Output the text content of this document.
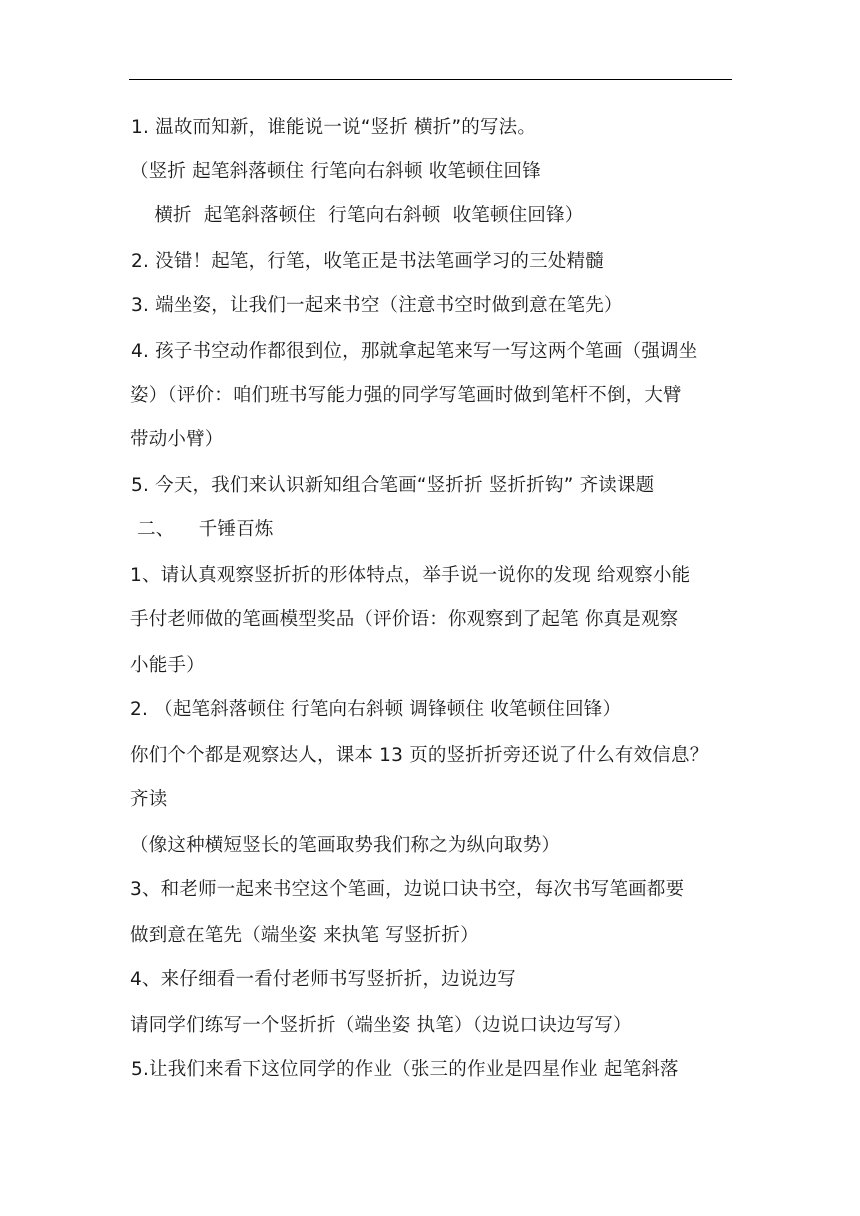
1. 温故而知新，谁能说一说“竖折 横折”的写法。
（竖折 起笔斜落顿住 行笔向右斜顿 收笔顿住回锋
横折  起笔斜落顿住  行笔向右斜顿  收笔顿住回锋）
2. 没错！起笔，行笔，收笔正是书法笔画学习的三处精髓
3. 端坐姿，让我们一起来书空（注意书空时做到意在笔先）
4. 孩子书空动作都很到位，那就拿起笔来写一写这两个笔画（强调坐
姿）（评价：咱们班书写能力强的同学写笔画时做到笔杆不倒，大臂
带动小臂）
5. 今天，我们来认识新知组合笔画“竖折折 竖折折钩” 齐读课题
二、    千锤百炼
1、请认真观察竖折折的形体特点，举手说一说你的发现 给观察小能
手付老师做的笔画模型奖品（评价语：你观察到了起笔 你真是观察
小能手）
2. （起笔斜落顿住 行笔向右斜顿 调锋顿住 收笔顿住回锋）
你们个个都是观察达人，课本 13 页的竖折折旁还说了什么有效信息？
齐读
（像这种横短竖长的笔画取势我们称之为纵向取势）
3、和老师一起来书空这个笔画，边说口诀书空，每次书写笔画都要
做到意在笔先（端坐姿 来执笔 写竖折折）
4、来仔细看一看付老师书写竖折折，边说边写
请同学们练写一个竖折折（端坐姿 执笔）（边说口诀边写写）
5.让我们来看下这位同学的作业（张三的作业是四星作业 起笔斜落
